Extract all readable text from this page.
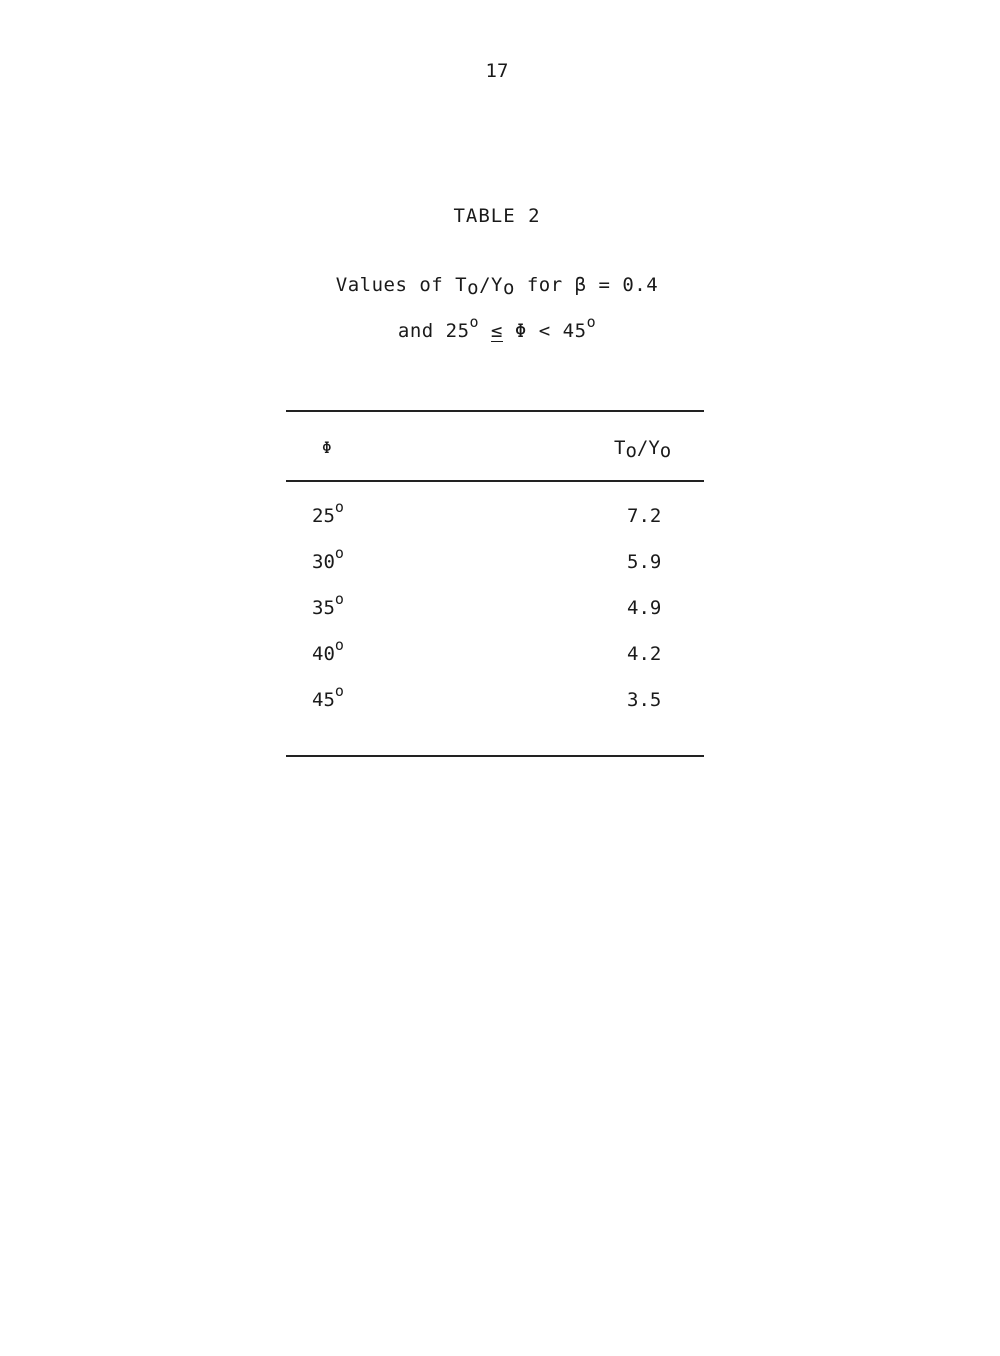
17
TABLE 2
Values of $T_o/Y_o$ for β = 0.4
and $25^o \le \Phi < 45^o$
Φ	$T_o/Y_o$
25$^o$	7.2
30$^o$	5.9
35$^o$	4.9
40$^o$	4.2
45$^o$	3.5
